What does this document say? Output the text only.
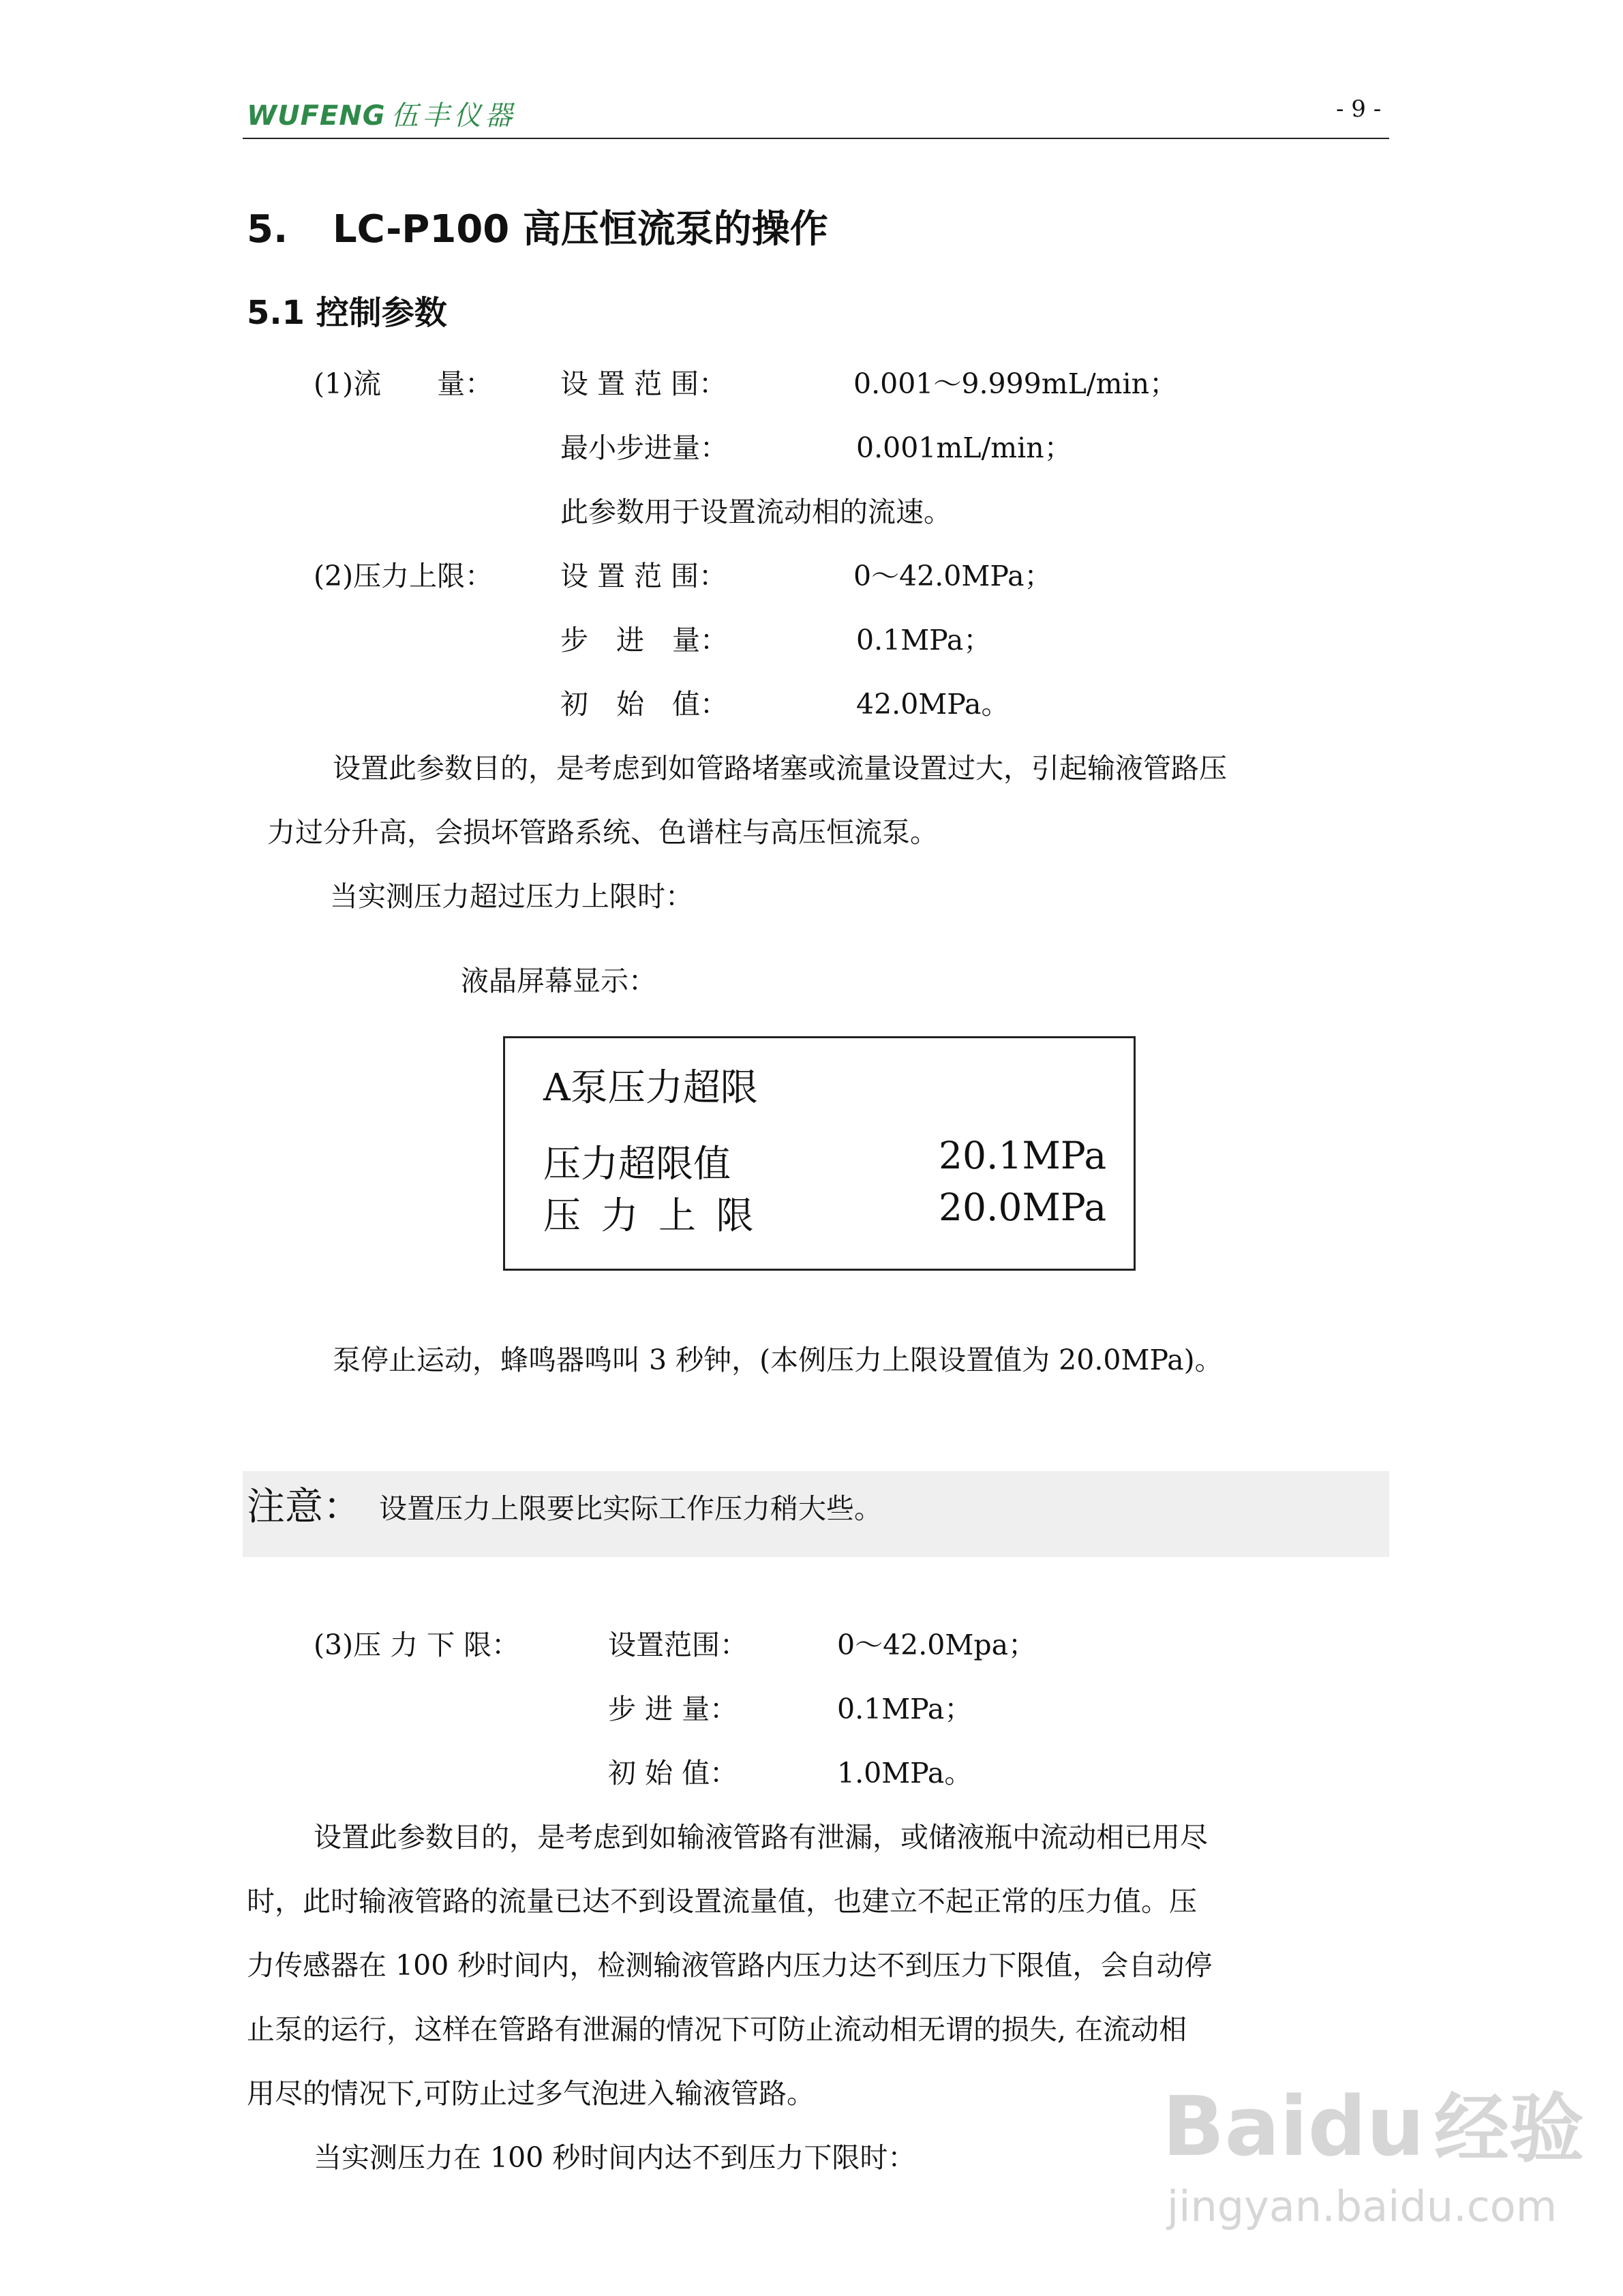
WUFENG 伍丰仪器	- 9 -
5. LC-P100 高压恒流泵的操作
5.1 控制参数
(1)流　　量： 设 置 范 围：	0.001～9.999mL/min；
最小步进量：	0.001mL/min；
此参数用于设置流动相的流速。
(2)压力上限： 设 置 范 围：	0～42.0MPa；
步　进　量：	0.1MPa；
初　始　值：	42.0MPa。
设置此参数目的，是考虑到如管路堵塞或流量设置过大，引起输液管路压
力过分升高，会损坏管路系统、色谱柱与高压恒流泵。
当实测压力超过压力上限时：
液晶屏幕显示：
A泵压力超限
压力超限值	20.1MPa
压 力 上 限	20.0MPa
泵停止运动，蜂鸣器鸣叫 3 秒钟，(本例压力上限设置值为 20.0MPa)。
注意： 设置压力上限要比实际工作压力稍大些。
(3)压 力 下 限：	设置范围：	0～42.0Mpa；
步 进 量：	0.1MPa；
初 始 值：	1.0MPa。
设置此参数目的，是考虑到如输液管路有泄漏，或储液瓶中流动相已用尽
时，此时输液管路的流量已达不到设置流量值，也建立不起正常的压力值。压
力传感器在 100 秒时间内，检测输液管路内压力达不到压力下限值，会自动停
止泵的运行，这样在管路有泄漏的情况下可防止流动相无谓的损失, 在流动相
用尽的情况下,可防止过多气泡进入输液管路。
当实测压力在 100 秒时间内达不到压力下限时：	Baidu 经验
jingyan.baidu.com
